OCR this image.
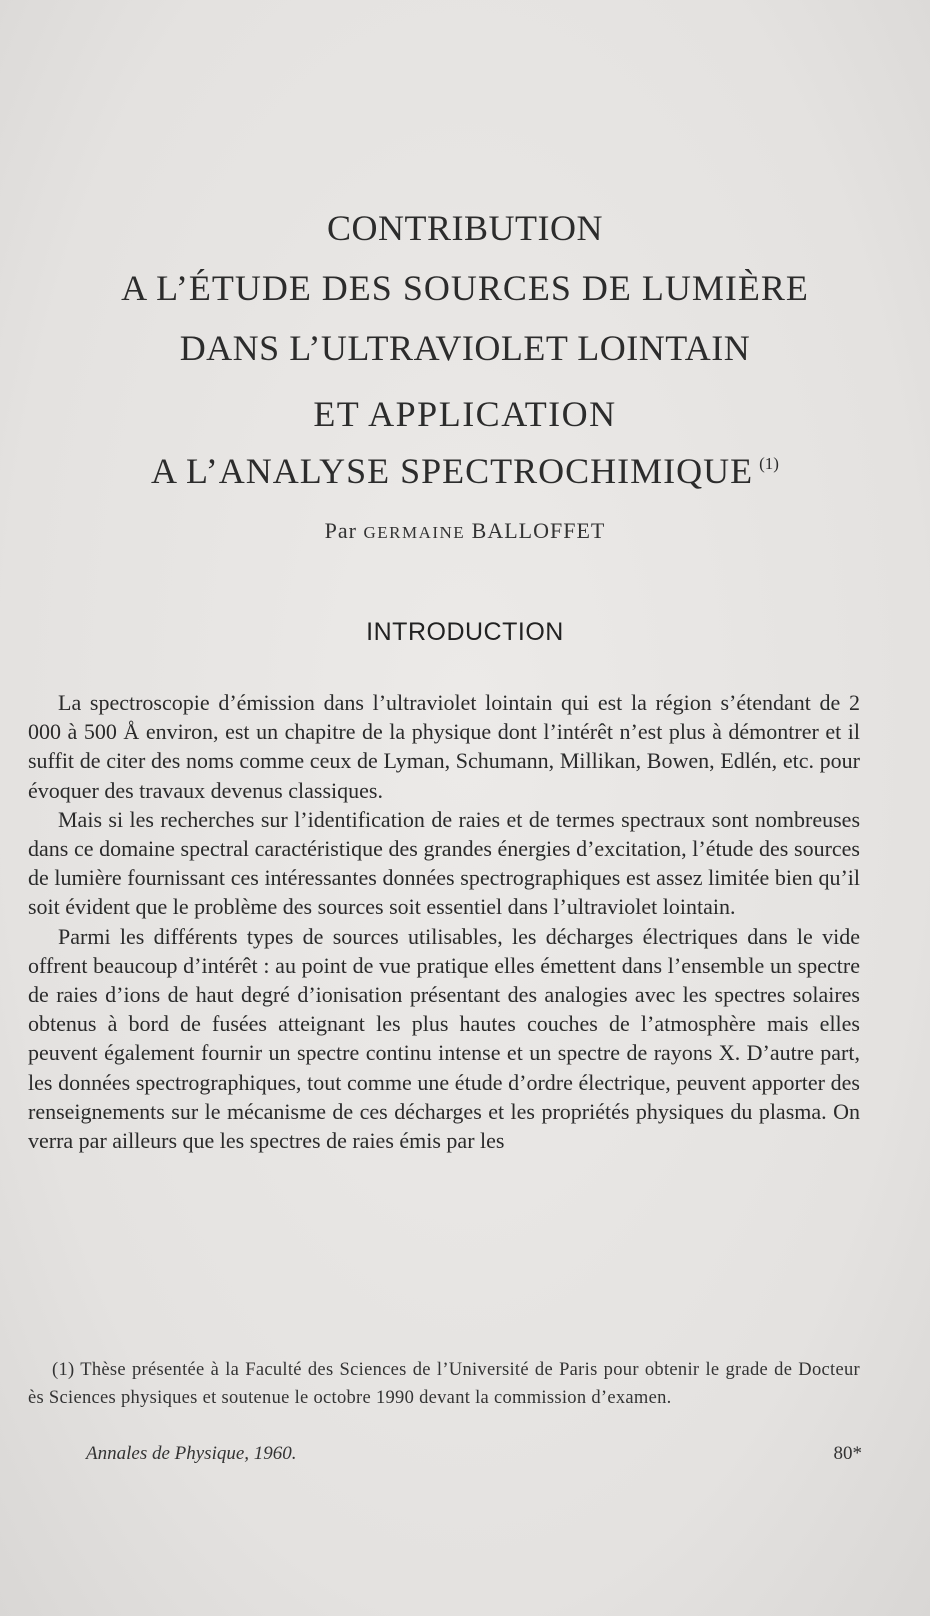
CONTRIBUTION
A L’ÉTUDE DES SOURCES DE LUMIÈRE
DANS L’ULTRAVIOLET LOINTAIN
ET APPLICATION
A L’ANALYSE SPECTROCHIMIQUE $^{(1)}$
Par GERMAINE BALLOFFET
INTRODUCTION

La spectroscopie d’émission dans l’ultraviolet lointain qui est la région s’étendant de 2 000 à 500 Å environ, est un chapitre de la physique dont l’intérêt n’est plus à démontrer et il suffit de citer des noms comme ceux de Lyman, Schumann, Millikan, Bowen, Edlén, etc. pour évoquer des travaux devenus classiques.

Mais si les recherches sur l’identification de raies et de termes spectraux sont nombreuses dans ce domaine spectral caractéristique des grandes énergies d’excitation, l’étude des sources de lumière fournissant ces intéressantes données spectrographiques est assez limitée bien qu’il soit évident que le problème des sources soit essentiel dans l’ultraviolet lointain.

Parmi les différents types de sources utilisables, les décharges électriques dans le vide offrent beaucoup d’intérêt : au point de vue pratique elles émettent dans l’ensemble un spectre de raies d’ions de haut degré d’ionisation présentant des analogies avec les spectres solaires obtenus à bord de fusées atteignant les plus hautes couches de l’atmosphère mais elles peuvent également fournir un spectre continu intense et un spectre de rayons X. D’autre part, les données spectrographiques, tout comme une étude d’ordre électrique, peuvent apporter des renseignements sur le mécanisme de ces décharges et les propriétés physiques du plasma. On verra par ailleurs que les spectres de raies émis par les

(1) Thèse présentée à la Faculté des Sciences de l’Université de Paris pour obtenir le grade de Docteur ès Sciences physiques et soutenue le octobre 1990 devant la commission d’examen.
Annales de Physique, 1960.	80*
